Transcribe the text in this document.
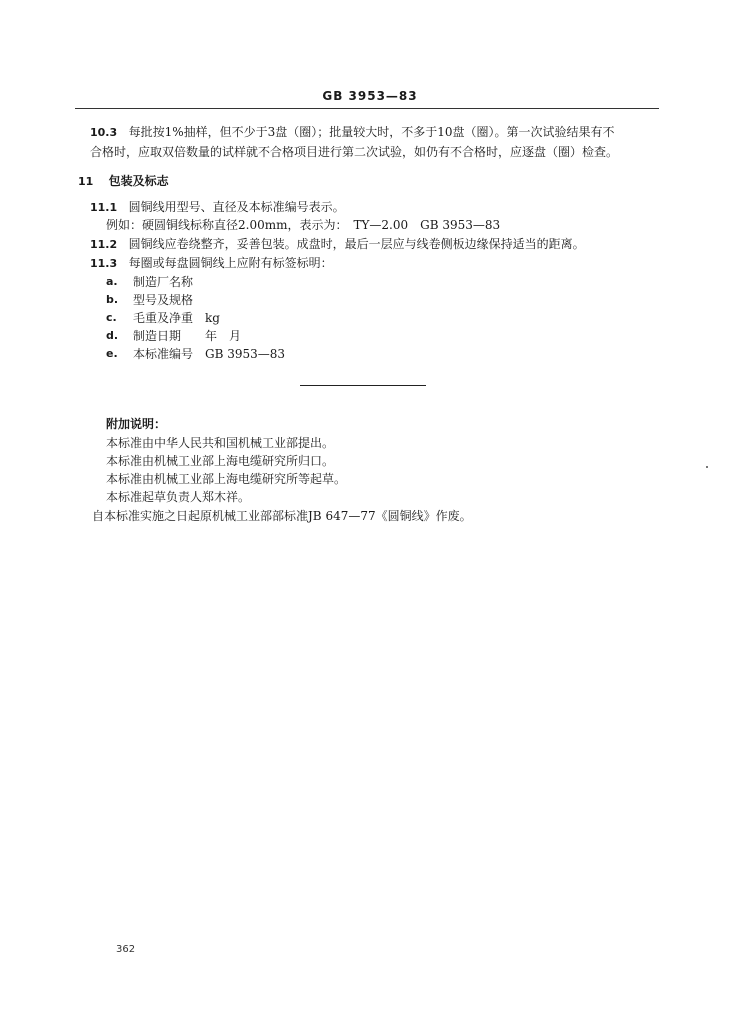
GB 3953—83
10.3 每批按1%抽样，但不少于3盘（圈）；批量较大时，不多于10盘（圈）。第一次试验结果有不
合格时，应取双倍数量的试样就不合格项目进行第二次试验，如仍有不合格时，应逐盘（圈）检查。
11 包装及标志
11.1 圆铜线用型号、直径及本标准编号表示。
例如：硬圆铜线标称直径2.00mm，表示为：　TY—2.00　GB 3953—83
11.2 圆铜线应卷绕整齐，妥善包装。成盘时，最后一层应与线卷侧板边缘保持适当的距离。
11.3 每圈或每盘圆铜线上应附有标签标明：
a. 制造厂名称
b. 型号及规格
c. 毛重及净重　kg
d. 制造日期　　年　月
e. 本标准编号　GB 3953—83
附加说明：
本标准由中华人民共和国机械工业部提出。
本标准由机械工业部上海电缆研究所归口。
本标准由机械工业部上海电缆研究所等起草。
本标准起草负责人郑木祥。
自本标准实施之日起原机械工业部部标准JB 647—77《圆铜线》作废。
362
